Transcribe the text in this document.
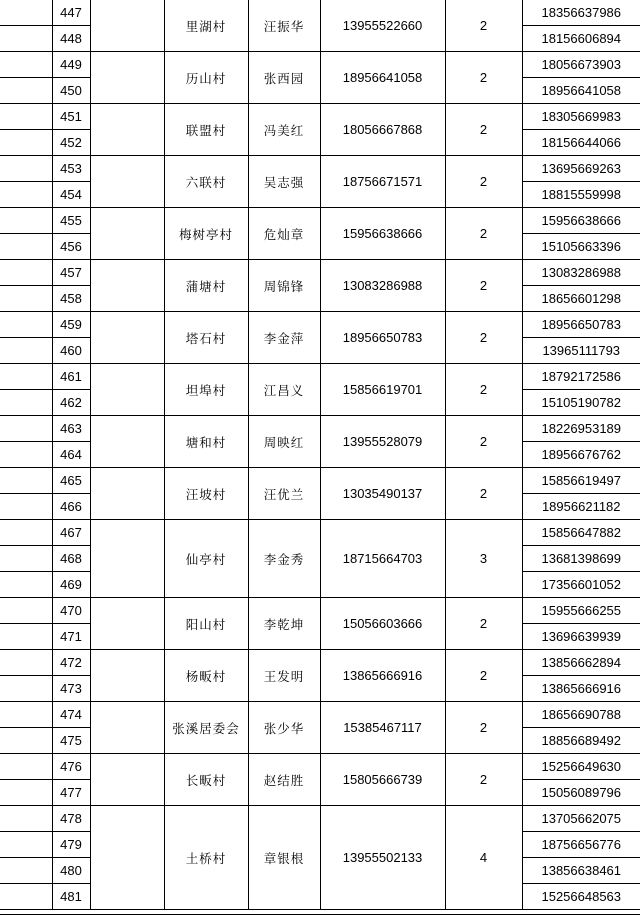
	447		里湖村	汪振华	13955522660	2	18356637986
	448						18156606894
	449		历山村	张西园	18956641058	2	18056673903
	450						18956641058
	451		联盟村	冯美红	18056667868	2	18305669983
	452						18156644066
	453		六联村	吴志强	18756671571	2	13695669263
	454						18815559998
	455		梅树亭村	危灿章	15956638666	2	15956638666
	456						15105663396
	457		蒲塘村	周锦锋	13083286988	2	13083286988
	458						18656601298
	459		塔石村	李金萍	18956650783	2	18956650783
	460						13965111793
	461		坦埠村	江昌义	15856619701	2	18792172586
	462						15105190782
	463		塘和村	周映红	13955528079	2	18226953189
	464						18956676762
	465		汪坡村	汪优兰	13035490137	2	15856619497
	466						18956621182
	467		仙亭村	李金秀	18715664703	3	15856647882
	468						13681398699
	469						17356601052
	470		阳山村	李乾坤	15056603666	2	15955666255
	471						13696639939
	472		杨畈村	王发明	13865666916	2	13856662894
	473						13865666916
	474		张溪居委会	张少华	15385467117	2	18656690788
	475						18856689492
	476		长畈村	赵结胜	15805666739	2	15256649630
	477						15056089796
	478		土桥村	章银根	13955502133	4	13705662075
	479						18756656776
	480						13856638461
	481						15256648563
